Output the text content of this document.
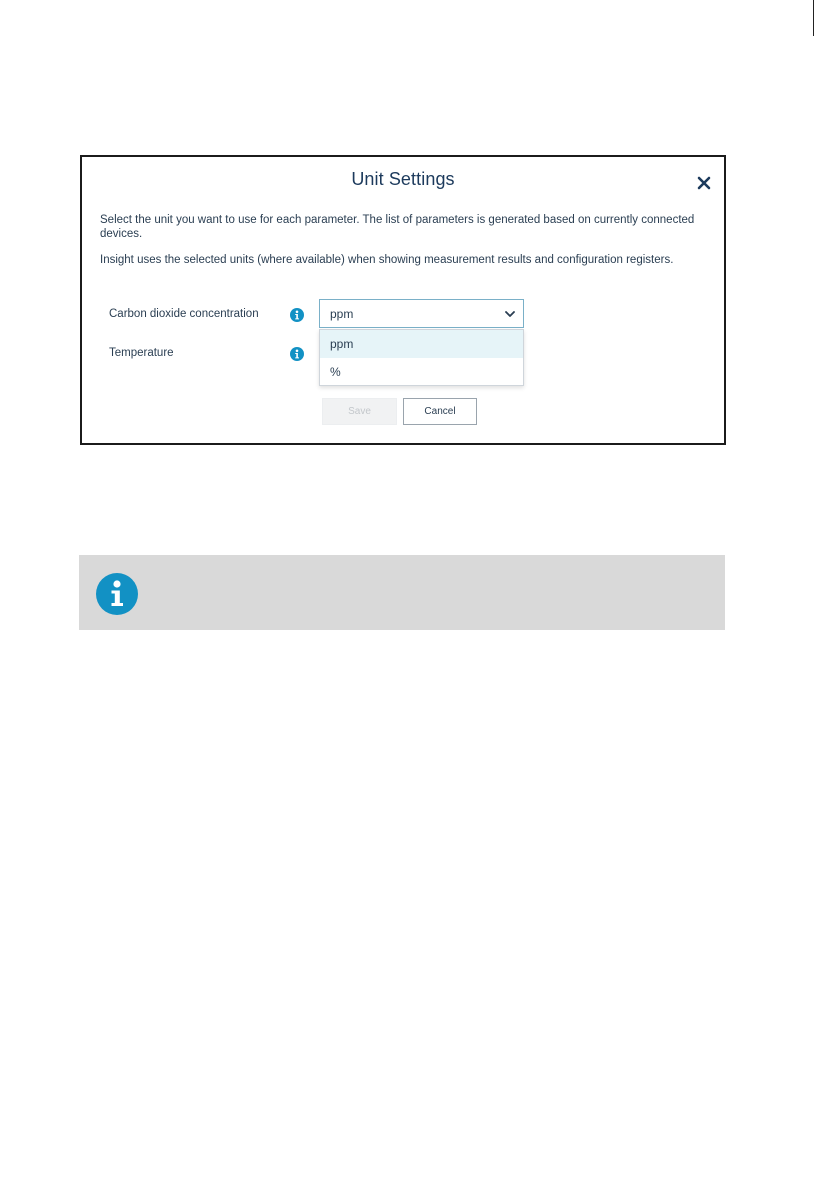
Unit Settings

Select the unit you want to use for each parameter. The list of parameters is generated based on currently connected devices.

Insight uses the selected units (where available) when showing measurement results and configuration registers.

Carbon dioxide concentration	ppm
Temperature
ppm
%
Save	Cancel
